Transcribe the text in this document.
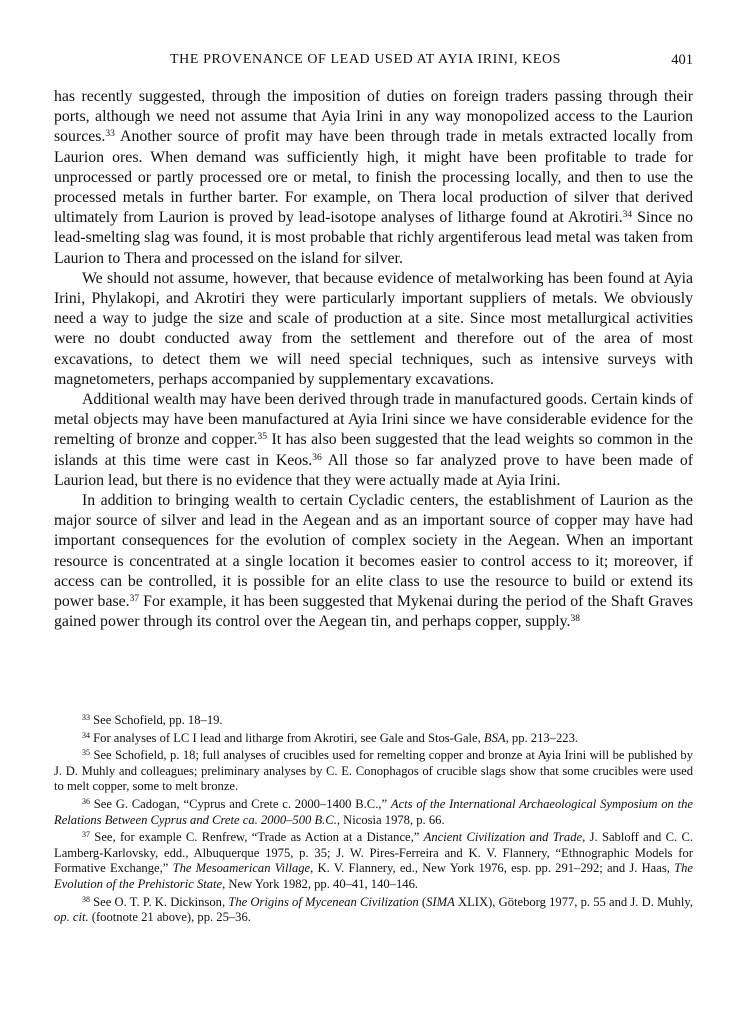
THE PROVENANCE OF LEAD USED AT AYIA IRINI, KEOS	401

has recently suggested, through the imposition of duties on foreign traders passing through their ports, although we need not assume that Ayia Irini in any way monopolized access to the Laurion sources.$^{33}$ Another source of profit may have been through trade in metals extracted locally from Laurion ores. When demand was sufficiently high, it might have been profitable to trade for unprocessed or partly processed ore or metal, to finish the processing locally, and then to use the processed metals in further barter. For example, on Thera local production of silver that derived ultimately from Laurion is proved by lead-isotope analyses of litharge found at Akrotiri.$^{34}$ Since no lead-smelting slag was found, it is most probable that richly argentiferous lead metal was taken from Laurion to Thera and processed on the island for silver.

We should not assume, however, that because evidence of metalworking has been found at Ayia Irini, Phylakopi, and Akrotiri they were particularly important suppliers of metals. We obviously need a way to judge the size and scale of production at a site. Since most metallurgical activities were no doubt conducted away from the settlement and therefore out of the area of most excavations, to detect them we will need special techniques, such as intensive surveys with magnetometers, perhaps accompanied by supplementary excavations.

Additional wealth may have been derived through trade in manufactured goods. Certain kinds of metal objects may have been manufactured at Ayia Irini since we have considerable evidence for the remelting of bronze and copper.$^{35}$ It has also been suggested that the lead weights so common in the islands at this time were cast in Keos.$^{36}$ All those so far analyzed prove to have been made of Laurion lead, but there is no evidence that they were actually made at Ayia Irini.

In addition to bringing wealth to certain Cycladic centers, the establishment of Laurion as the major source of silver and lead in the Aegean and as an important source of copper may have had important consequences for the evolution of complex society in the Aegean. When an important resource is concentrated at a single location it becomes easier to control access to it; moreover, if access can be controlled, it is possible for an elite class to use the resource to build or extend its power base.$^{37}$ For example, it has been suggested that Mykenai during the period of the Shaft Graves gained power through its control over the Aegean tin, and perhaps copper, supply.$^{38}$

$^{33}$ See Schofield, pp. 18–19.

$^{34}$ For analyses of LC I lead and litharge from Akrotiri, see Gale and Stos-Gale, BSA, pp. 213–223.

$^{35}$ See Schofield, p. 18; full analyses of crucibles used for remelting copper and bronze at Ayia Irini will be published by J. D. Muhly and colleagues; preliminary analyses by C. E. Conophagos of crucible slags show that some crucibles were used to melt copper, some to melt bronze.

$^{36}$ See G. Cadogan, “Cyprus and Crete c. 2000–1400 B.C.,” Acts of the International Archaeological Symposium on the Relations Between Cyprus and Crete ca. 2000–500 B.C., Nicosia 1978, p. 66.

$^{37}$ See, for example C. Renfrew, “Trade as Action at a Distance,” Ancient Civilization and Trade, J. Sabloff and C. C. Lamberg-Karlovsky, edd., Albuquerque 1975, p. 35; J. W. Pires-Ferreira and K. V. Flannery, “Ethnographic Models for Formative Exchange,” The Mesoamerican Village, K. V. Flannery, ed., New York 1976, esp. pp. 291–292; and J. Haas, The Evolution of the Prehistoric State, New York 1982, pp. 40–41, 140–146.

$^{38}$ See O. T. P. K. Dickinson, The Origins of Mycenean Civilization (SIMA XLIX), Göteborg 1977, p. 55 and J. D. Muhly, op. cit. (footnote 21 above), pp. 25–36.
